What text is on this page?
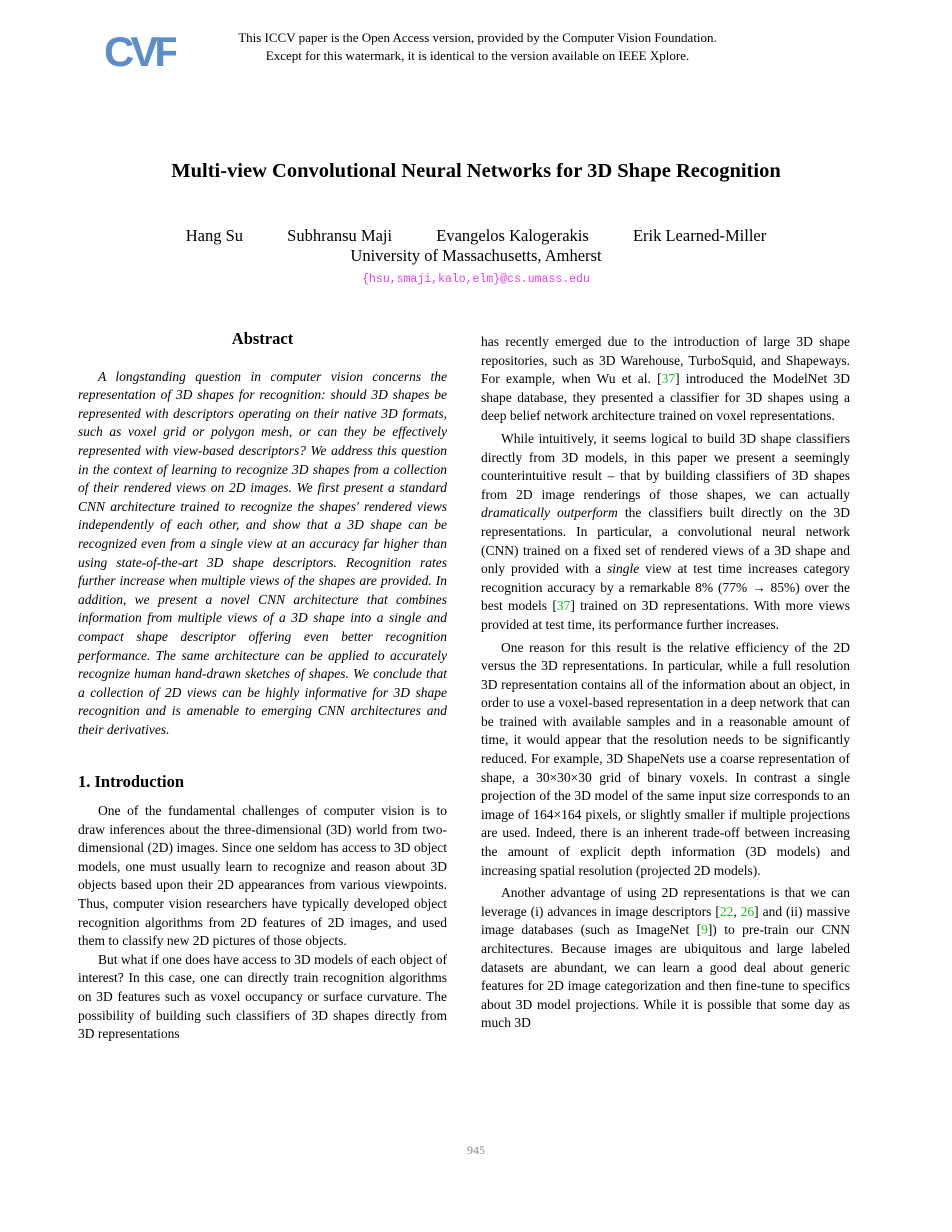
CVF	This ICCV paper is the Open Access version, provided by the Computer Vision Foundation.
Except for this watermark, it is identical to the version available on IEEE Xplore.
Multi-view Convolutional Neural Networks for 3D Shape Recognition
Hang Su	Subhransu Maji	Evangelos Kalogerakis	Erik Learned-Miller
University of Massachusetts, Amherst
{hsu,smaji,kalo,elm}@cs.umass.edu
Abstract

A longstanding question in computer vision concerns the representation of 3D shapes for recognition: should 3D shapes be represented with descriptors operating on their native 3D formats, such as voxel grid or polygon mesh, or can they be effectively represented with view-based descriptors? We address this question in the context of learning to recognize 3D shapes from a collection of their rendered views on 2D images. We first present a standard CNN architecture trained to recognize the shapes' rendered views independently of each other, and show that a 3D shape can be recognized even from a single view at an accuracy far higher than using state-of-the-art 3D shape descriptors. Recognition rates further increase when multiple views of the shapes are provided. In addition, we present a novel CNN architecture that combines information from multiple views of a 3D shape into a single and compact shape descriptor offering even better recognition performance. The same architecture can be applied to accurately recognize human hand-drawn sketches of shapes. We conclude that a collection of 2D views can be highly informative for 3D shape recognition and is amenable to emerging CNN architectures and their derivatives.

1. Introduction

One of the fundamental challenges of computer vision is to draw inferences about the three-dimensional (3D) world from two-dimensional (2D) images. Since one seldom has access to 3D object models, one must usually learn to recognize and reason about 3D objects based upon their 2D appearances from various viewpoints. Thus, computer vision researchers have typically developed object recognition algorithms from 2D features of 2D images, and used them to classify new 2D pictures of those objects.

But what if one does have access to 3D models of each object of interest? In this case, one can directly train recognition algorithms on 3D features such as voxel occupancy or surface curvature. The possibility of building such classifiers of 3D shapes directly from 3D representations

has recently emerged due to the introduction of large 3D shape repositories, such as 3D Warehouse, TurboSquid, and Shapeways. For example, when Wu et al. [37] introduced the ModelNet 3D shape database, they presented a classifier for 3D shapes using a deep belief network architecture trained on voxel representations.

While intuitively, it seems logical to build 3D shape classifiers directly from 3D models, in this paper we present a seemingly counterintuitive result – that by building classifiers of 3D shapes from 2D image renderings of those shapes, we can actually dramatically outperform the classifiers built directly on the 3D representations. In particular, a convolutional neural network (CNN) trained on a fixed set of rendered views of a 3D shape and only provided with a single view at test time increases category recognition accuracy by a remarkable 8% (77% → 85%) over the best models [37] trained on 3D representations. With more views provided at test time, its performance further increases.

One reason for this result is the relative efficiency of the 2D versus the 3D representations. In particular, while a full resolution 3D representation contains all of the information about an object, in order to use a voxel-based representation in a deep network that can be trained with available samples and in a reasonable amount of time, it would appear that the resolution needs to be significantly reduced. For example, 3D ShapeNets use a coarse representation of shape, a 30×30×30 grid of binary voxels. In contrast a single projection of the 3D model of the same input size corresponds to an image of 164×164 pixels, or slightly smaller if multiple projections are used. Indeed, there is an inherent trade-off between increasing the amount of explicit depth information (3D models) and increasing spatial resolution (projected 2D models).

Another advantage of using 2D representations is that we can leverage (i) advances in image descriptors [22, 26] and (ii) massive image databases (such as ImageNet [9]) to pre-train our CNN architectures. Because images are ubiquitous and large labeled datasets are abundant, we can learn a good deal about generic features for 2D image categorization and then fine-tune to specifics about 3D model projections. While it is possible that some day as much 3D

945
